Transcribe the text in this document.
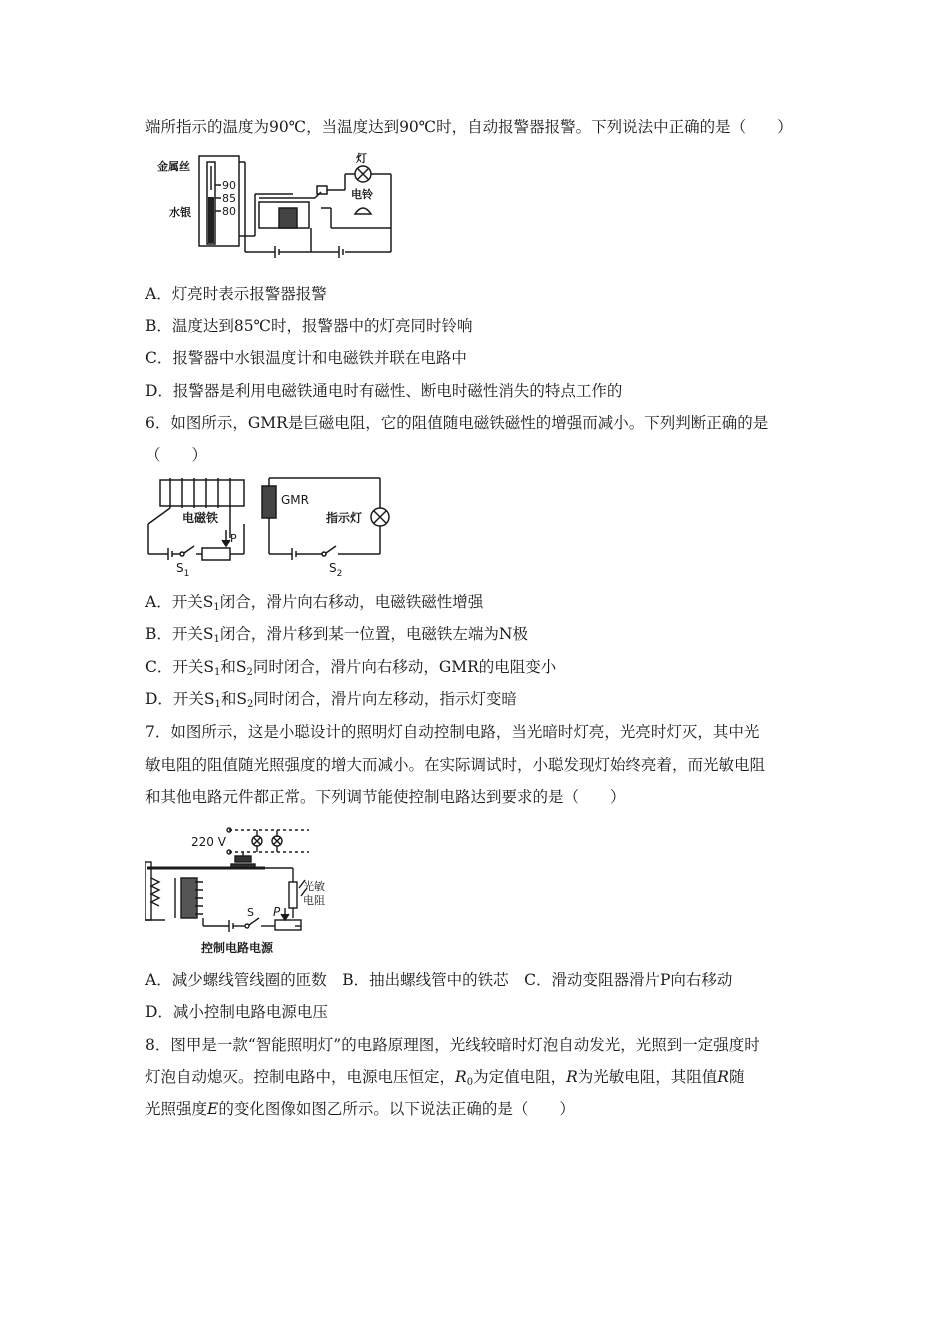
端所指示的温度为90℃，当温度达到90℃时，自动报警器报警。下列说法中正确的是（　　）
金属丝
水银
90
85
80
灯
电铃
A．灯亮时表示报警器报警
B．温度达到85℃时，报警器中的灯亮同时铃响
C．报警器中水银温度计和电磁铁并联在电路中
D．报警器是利用电磁铁通电时有磁性、断电时磁性消失的特点工作的
6．如图所示，GMR是巨磁电阻，它的阻值随电磁铁磁性的增强而减小。下列判断正确的是
（　　）
电磁铁
P
$S_1$
GMR
指示灯
$S_2$
A．开关$S_1$闭合，滑片向右移动，电磁铁磁性增强
B．开关$S_1$闭合，滑片移到某一位置，电磁铁左端为N极
C．开关$S_1$和$S_2$同时闭合，滑片向右移动，GMR的电阻变小
D．开关$S_1$和$S_2$同时闭合，滑片向左移动，指示灯变暗
7．如图所示，这是小聪设计的照明灯自动控制电路，当光暗时灯亮，光亮时灯灭，其中光
敏电阻的阻值随光照强度的增大而减小。在实际调试时，小聪发现灯始终亮着，而光敏电阻
和其他电路元件都正常。下列调节能使控制电路达到要求的是（　　）
220 V
光敏
电阻
S P
控制电路电源
A．减少螺线管线圈的匝数　B．抽出螺线管中的铁芯　C．滑动变阻器滑片P向右移动
D．减小控制电路电源电压
8．图甲是一款“智能照明灯”的电路原理图，光线较暗时灯泡自动发光，光照到一定强度时
灯泡自动熄灭。控制电路中，电源电压恒定，$R_0$为定值电阻，R为光敏电阻，其阻值R随
光照强度E的变化图像如图乙所示。以下说法正确的是（　　）
